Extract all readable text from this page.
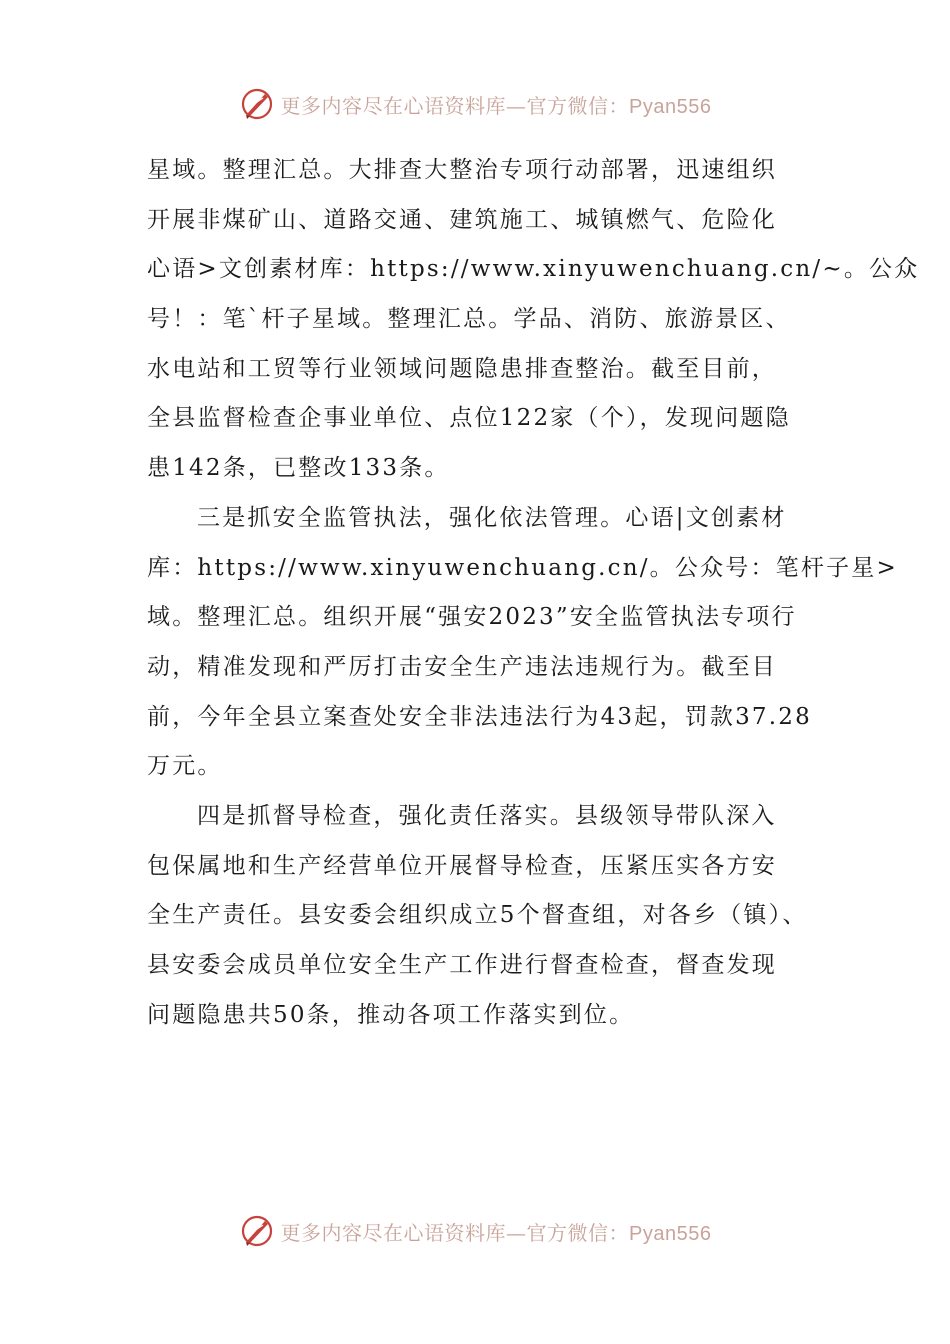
更多内容尽在心语资料库—官方微信：Pyan556
星域。整理汇总。大排查大整治专项行动部署，迅速组织
开展非煤矿山、道路交通、建筑施工、城镇燃气、危险化
心语>文创素材库：https://www.xinyuwenchuang.cn/~。公众
号！：笔`杆子星域。整理汇总。学品、消防、旅游景区、
水电站和工贸等行业领域问题隐患排查整治。截至目前，
全县监督检查企事业单位、点位122家（个），发现问题隐
患142条，已整改133条。
三是抓安全监管执法，强化依法管理。心语|文创素材
库：https://www.xinyuwenchuang.cn/。公众号：笔杆子星>
域。整理汇总。组织开展“强安2023”安全监管执法专项行
动，精准发现和严厉打击安全生产违法违规行为。截至目
前，今年全县立案查处安全非法违法行为43起，罚款37.28
万元。
四是抓督导检查，强化责任落实。县级领导带队深入
包保属地和生产经营单位开展督导检查，压紧压实各方安
全生产责任。县安委会组织成立5个督查组，对各乡（镇）、
县安委会成员单位安全生产工作进行督查检查，督查发现
问题隐患共50条，推动各项工作落实到位。
更多内容尽在心语资料库—官方微信：Pyan556
